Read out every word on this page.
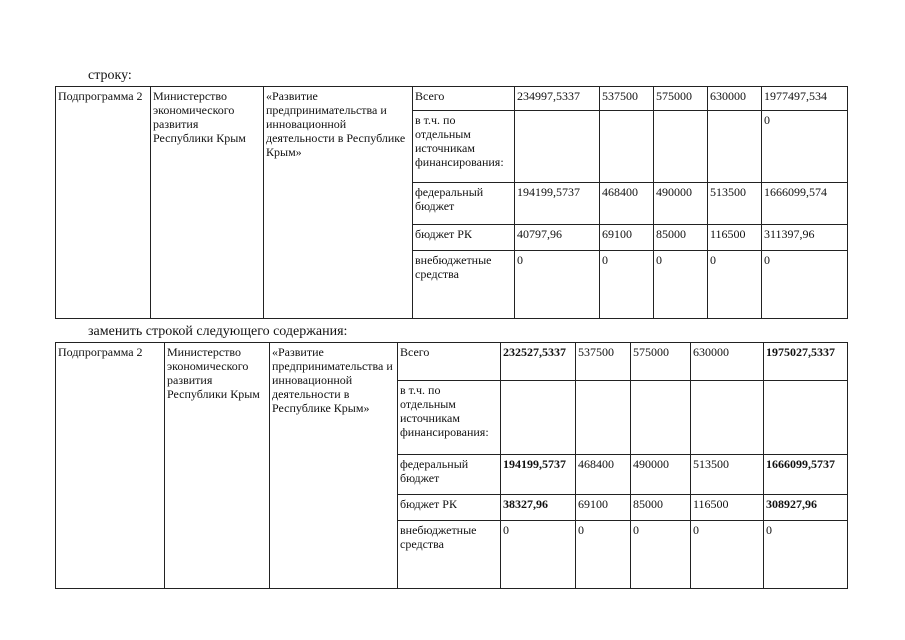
строку:
Подпрограмма 2	Министерство экономического развития Республики Крым	«Развитие предпринимательства и инновационной деятельности в Республике Крым»	Всего	234997,5337	537500	575000	630000	1977497,534
			в т.ч. по отдельным источникам финансирования:					0
			федеральный бюджет	194199,5737	468400	490000	513500	1666099,574
			бюджет РК	40797,96	69100	85000	116500	311397,96
			внебюджетные средства	0	0	0	0	0
заменить строкой следующего содержания:
Подпрограмма 2	Министерство экономического развития Республики Крым	«Развитие предпринимательства и инновационной деятельности в Республике Крым»	Всего	232527,5337	537500	575000	630000	1975027,5337
			в т.ч. по отдельным источникам финансирования:					
			федеральный бюджет	194199,5737	468400	490000	513500	1666099,5737
			бюджет РК	38327,96	69100	85000	116500	308927,96
			внебюджетные средства	0	0	0	0	0
